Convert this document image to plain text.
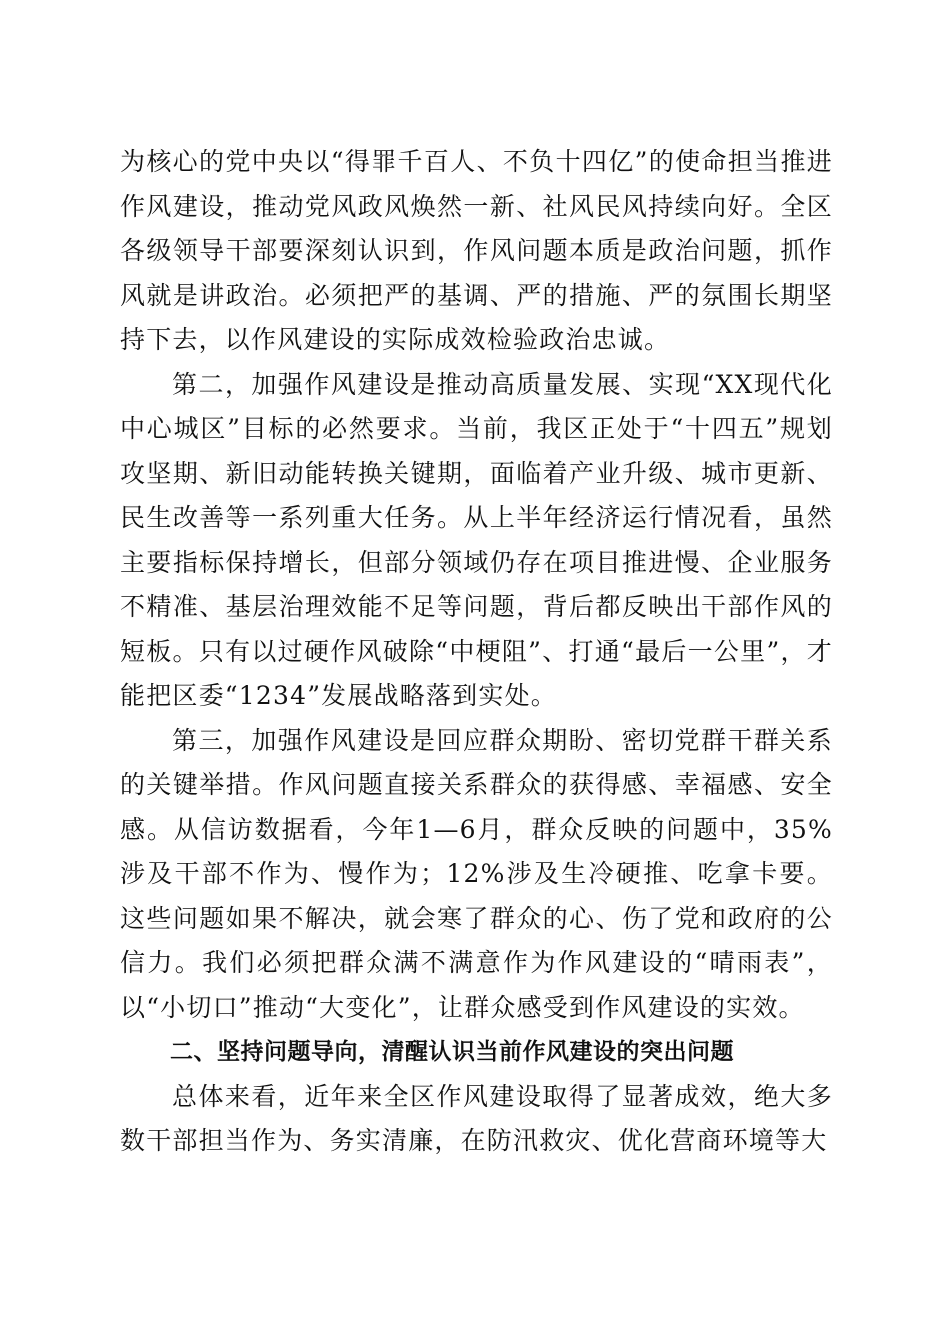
为核心的党中央以“得罪千百人、不负十四亿”的使命担当推进作风建设，推动党风政风焕然一新、社风民风持续向好。全区各级领导干部要深刻认识到，作风问题本质是政治问题，抓作风就是讲政治。必须把严的基调、严的措施、严的氛围长期坚持下去，以作风建设的实际成效检验政治忠诚。

第二，加强作风建设是推动高质量发展、实现“XX现代化中心城区”目标的必然要求。当前，我区正处于“十四五”规划攻坚期、新旧动能转换关键期，面临着产业升级、城市更新、民生改善等一系列重大任务。从上半年经济运行情况看，虽然主要指标保持增长，但部分领域仍存在项目推进慢、企业服务不精准、基层治理效能不足等问题，背后都反映出干部作风的短板。只有以过硬作风破除“中梗阻”、打通“最后一公里”，才能把区委“1234”发展战略落到实处。

第三，加强作风建设是回应群众期盼、密切党群干群关系的关键举措。作风问题直接关系群众的获得感、幸福感、安全感。从信访数据看，今年1—6月，群众反映的问题中，35%涉及干部不作为、慢作为；12%涉及生冷硬推、吃拿卡要。这些问题如果不解决，就会寒了群众的心、伤了党和政府的公信力。我们必须把群众满不满意作为作风建设的“晴雨表”，以“小切口”推动“大变化”，让群众感受到作风建设的实效。

二、坚持问题导向，清醒认识当前作风建设的突出问题

总体来看，近年来全区作风建设取得了显著成效，绝大多数干部担当作为、务实清廉，在防汛救灾、优化营商环境等大
